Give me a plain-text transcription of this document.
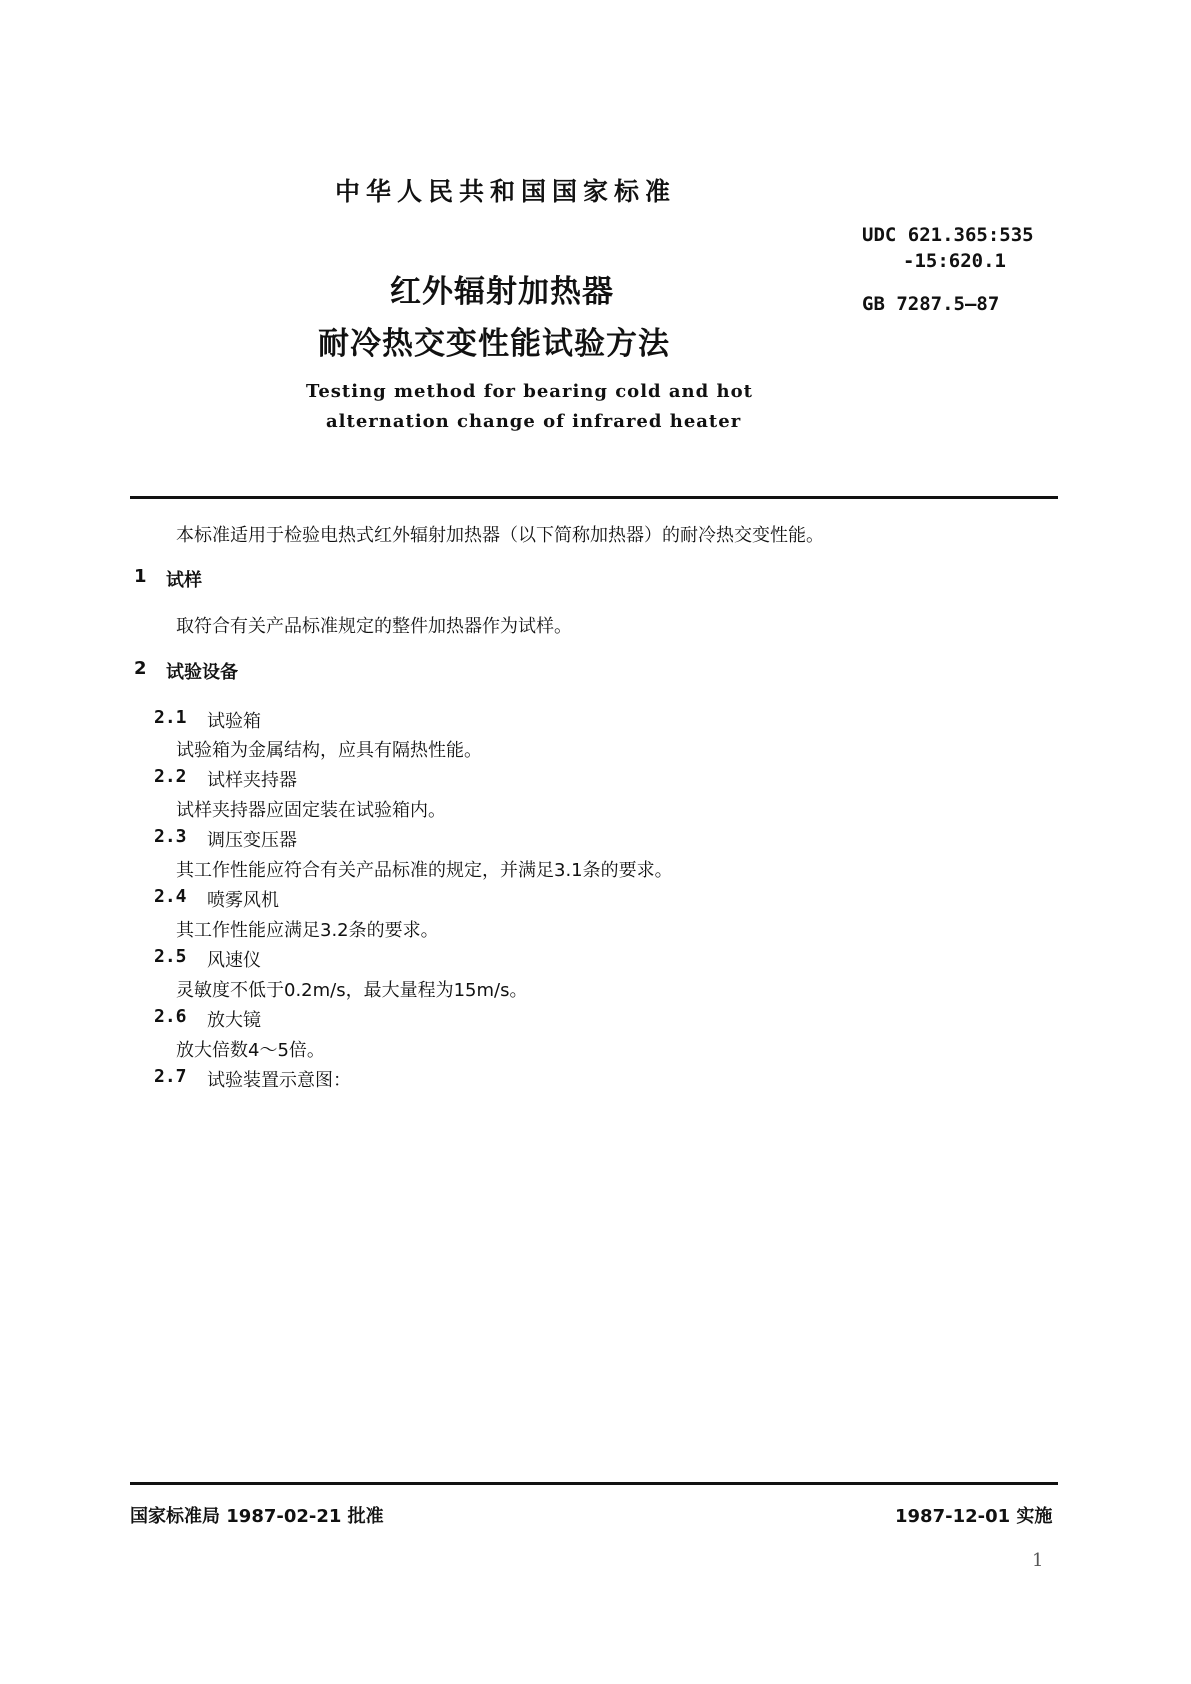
中华人民共和国国家标准
UDC 621.365:535
-15:620.1
GB 7287.5—87
红外辐射加热器
耐冷热交变性能试验方法
Testing method for bearing cold and hot
alternation change of infrared heater
本标准适用于检验电热式红外辐射加热器（以下简称加热器）的耐冷热交变性能。
1 试样
取符合有关产品标准规定的整件加热器作为试样。
2 试验设备
2.1 试验箱
试验箱为金属结构，应具有隔热性能。
2.2 试样夹持器
试样夹持器应固定装在试验箱内。
2.3 调压变压器
其工作性能应符合有关产品标准的规定，并满足3.1条的要求。
2.4 喷雾风机
其工作性能应满足3.2条的要求。
2.5 风速仪
灵敏度不低于0.2m/s，最大量程为15m/s。
2.6 放大镜
放大倍数4～5倍。
2.7 试验装置示意图：
国家标准局 1987-02-21 批准	1987-12-01 实施
1
